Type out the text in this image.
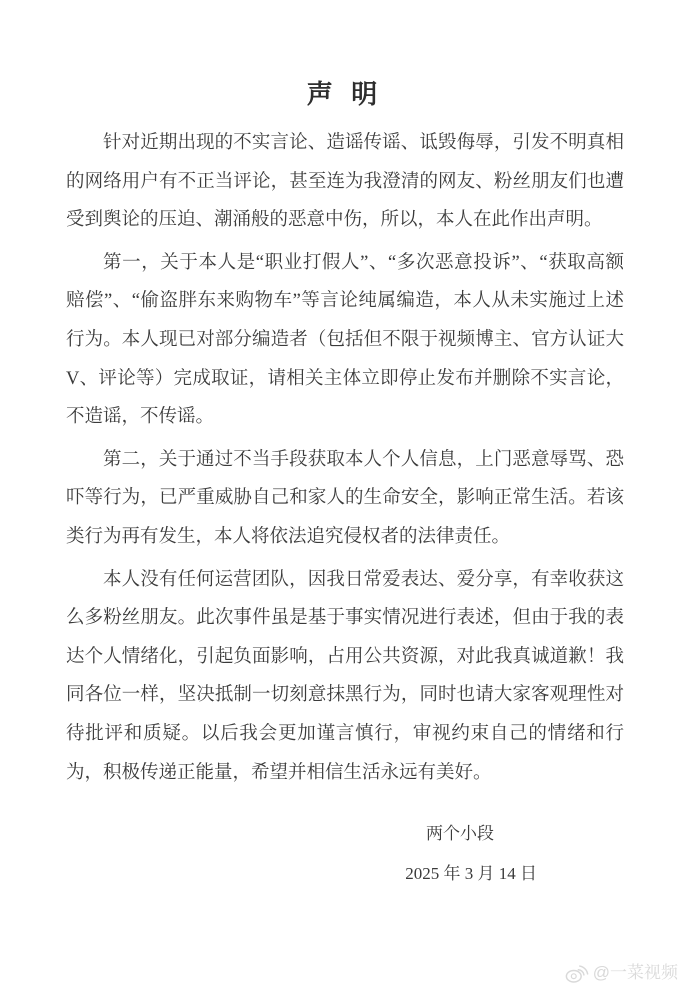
声 明

针对近期出现的不实言论、造谣传谣、诋毁侮辱，引发不明真相的网络用户有不正当评论，甚至连为我澄清的网友、粉丝朋友们也遭受到舆论的压迫、潮涌般的恶意中伤，所以，本人在此作出声明。

第一，关于本人是“职业打假人”、“多次恶意投诉”、“获取高额赔偿”、“偷盗胖东来购物车”等言论纯属编造，本人从未实施过上述行为。本人现已对部分编造者（包括但不限于视频博主、官方认证大 V、评论等）完成取证，请相关主体立即停止发布并删除不实言论，不造谣，不传谣。

第二，关于通过不当手段获取本人个人信息，上门恶意辱骂、恐吓等行为，已严重威胁自己和家人的生命安全，影响正常生活。若该类行为再有发生，本人将依法追究侵权者的法律责任。

本人没有任何运营团队，因我日常爱表达、爱分享，有幸收获这么多粉丝朋友。此次事件虽是基于事实情况进行表述，但由于我的表达个人情绪化，引起负面影响，占用公共资源，对此我真诚道歉！我同各位一样，坚决抵制一切刻意抹黑行为，同时也请大家客观理性对待批评和质疑。以后我会更加谨言慎行，审视约束自己的情绪和行为，积极传递正能量，希望并相信生活永远有美好。

两个小段
2025 年 3 月 14 日
@一菜视频
